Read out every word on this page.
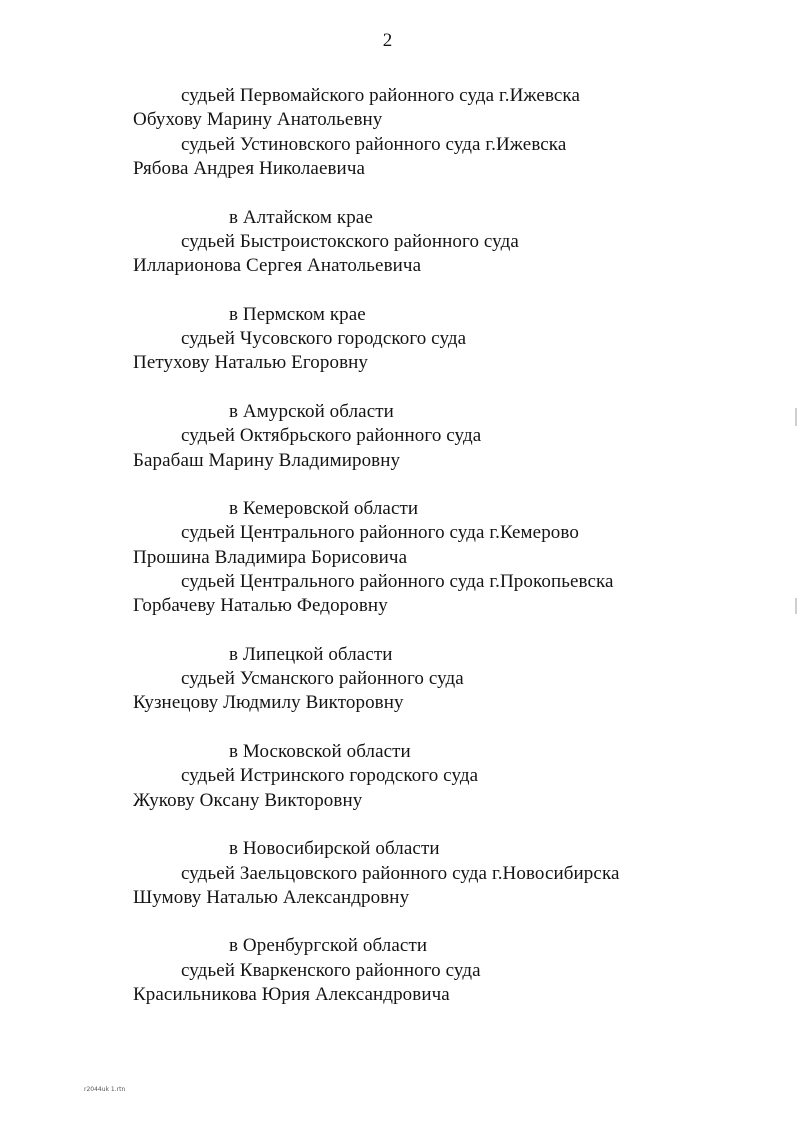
2
судьей Первомайского районного суда г.Ижевска
Обухову Марину Анатольевну
судьей Устиновского районного суда г.Ижевска
Рябова Андрея Николаевича
в Алтайском крае
судьей Быстроистокского районного суда
Илларионова Сергея Анатольевича
в Пермском крае
судьей Чусовского городского суда
Петухову Наталью Егоровну
в Амурской области
судьей Октябрьского районного суда
Барабаш Марину Владимировну
в Кемеровской области
судьей Центрального районного суда г.Кемерово
Прошина Владимира Борисовича
судьей Центрального районного суда г.Прокопьевска
Горбачеву Наталью Федоровну
в Липецкой области
судьей Усманского районного суда
Кузнецову Людмилу Викторовну
в Московской области
судьей Истринского городского суда
Жукову Оксану Викторовну
в Новосибирской области
судьей Заельцовского районного суда г.Новосибирска
Шумову Наталью Александровну
в Оренбургской области
судьей Кваркенского районного суда
Красильникова Юрия Александровича
r2044uk 1.rtn
